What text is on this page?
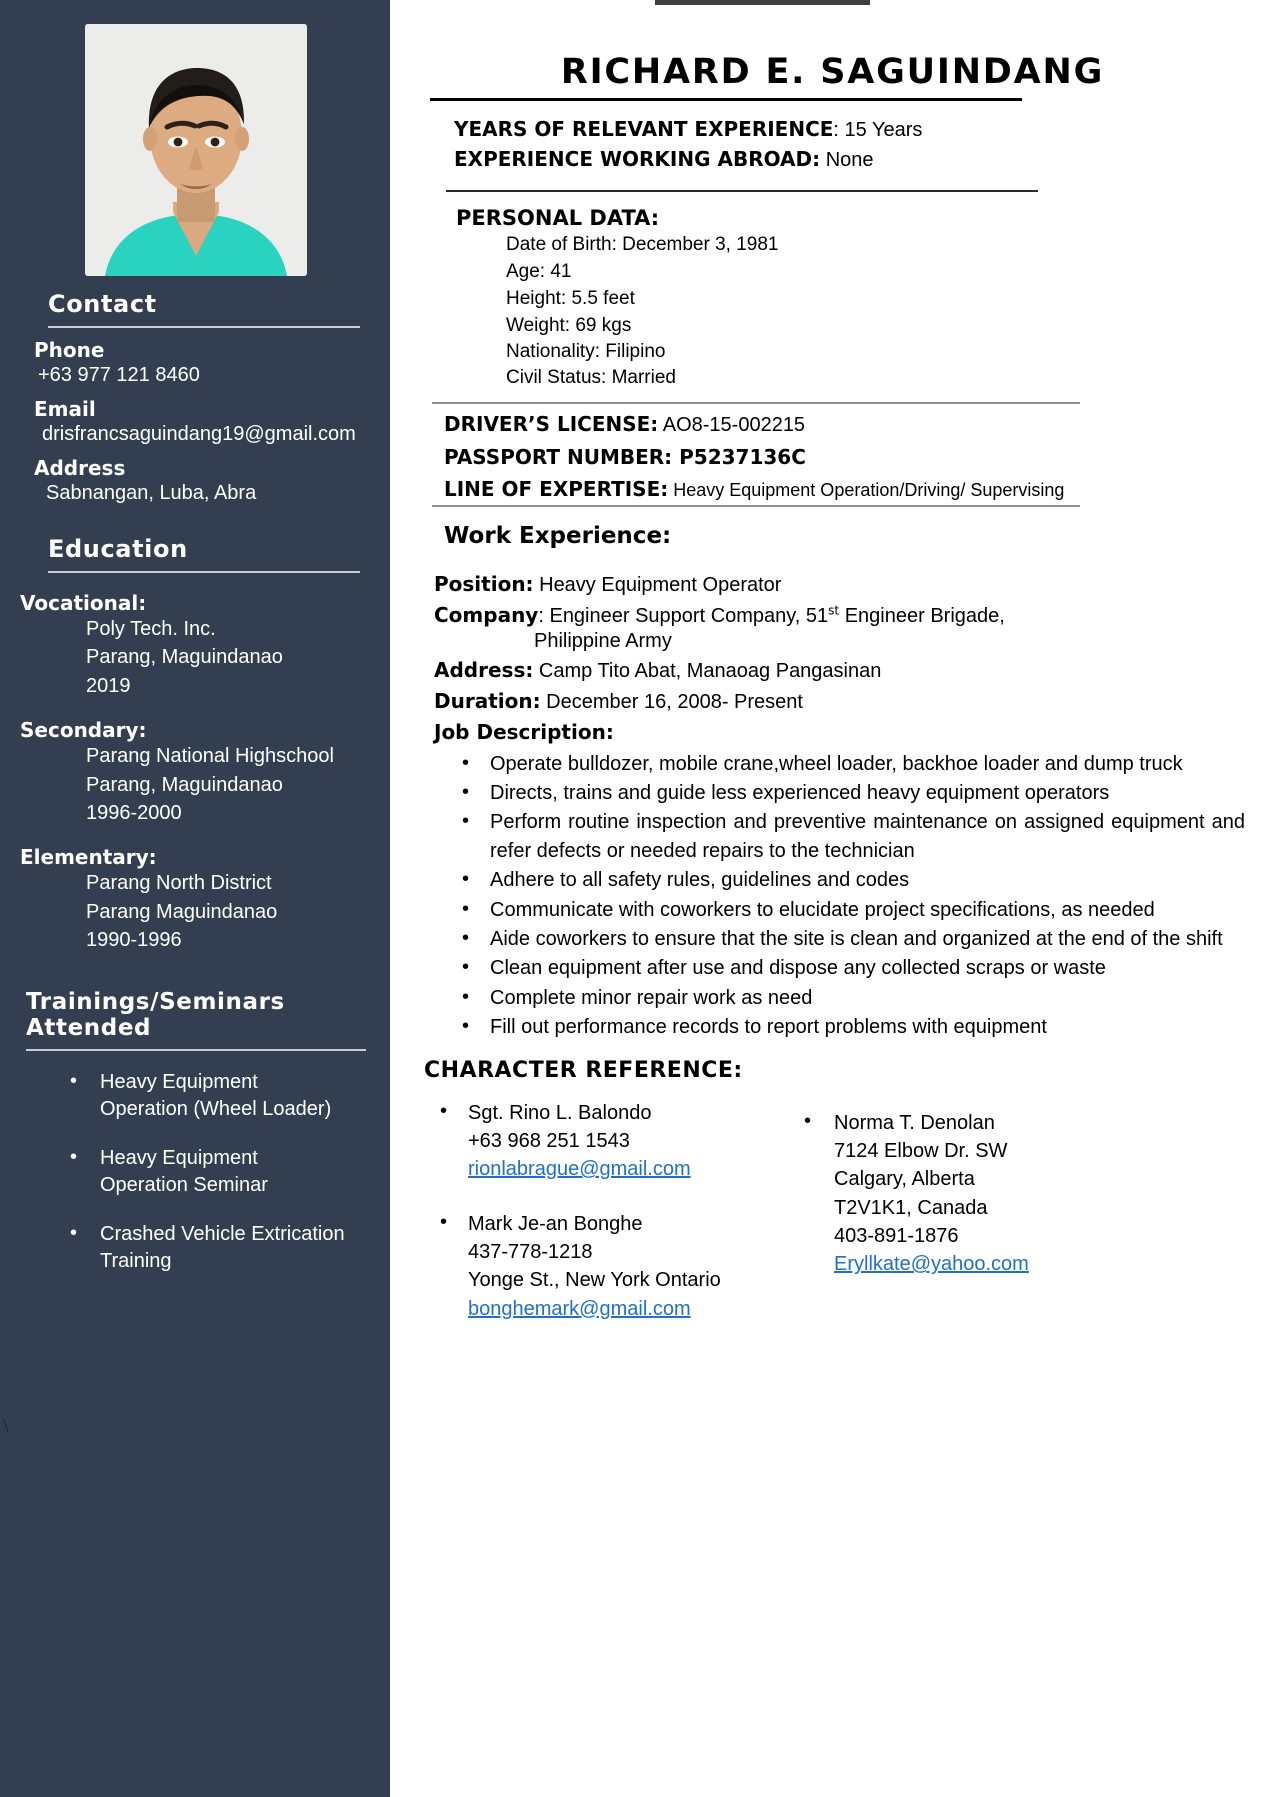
Contact
Phone
+63 977 121 8460
Email
drisfrancsaguindang19@gmail.com
Address
Sabnangan, Luba, Abra
Education
Vocational:
Poly Tech. Inc.
Parang, Maguindanao
2019
Secondary:
Parang National Highschool
Parang, Maguindanao
1996-2000
Elementary:
Parang North District
Parang Maguindanao
1990-1996
Trainings/Seminars Attended
• Heavy Equipment Operation (Wheel Loader)
• Heavy Equipment Operation Seminar
• Crashed Vehicle Extrication Training
RICHARD E. SAGUINDANG
YEARS OF RELEVANT EXPERIENCE: 15 Years
EXPERIENCE WORKING ABROAD: None
PERSONAL DATA:
Date of Birth: December 3, 1981
Age: 41
Height: 5.5 feet
Weight: 69 kgs
Nationality: Filipino
Civil Status: Married
DRIVER’S LICENSE: AO8-15-002215
PASSPORT NUMBER: P5237136C
LINE OF EXPERTISE: Heavy Equipment Operation/Driving/ Supervising
Work Experience:
Position: Heavy Equipment Operator
Company: Engineer Support Company, 51st Engineer Brigade,
Philippine Army
Address: Camp Tito Abat, Manaoag Pangasinan
Duration: December 16, 2008- Present
Job Description:
• Operate bulldozer, mobile crane,wheel loader, backhoe loader and dump truck
• Directs, trains and guide less experienced heavy equipment operators
• Perform routine inspection and preventive maintenance on assigned equipment and refer defects or needed repairs to the technician
• Adhere to all safety rules, guidelines and codes
• Communicate with coworkers to elucidate project specifications, as needed
• Aide coworkers to ensure that the site is clean and organized at the end of the shift
• Clean equipment after use and dispose any collected scraps or waste
• Complete minor repair work as need
• Fill out performance records to report problems with equipment
CHARACTER REFERENCE:
• Sgt. Rino L. Balondo
+63 968 251 1543
rionlabrague@gmail.com
• Mark Je-an Bonghe
437-778-1218
Yonge St., New York Ontario
bonghemark@gmail.com
• Norma T. Denolan
7124 Elbow Dr. SW
Calgary, Alberta
T2V1K1, Canada
403-891-1876
Eryllkate@yahoo.com
\
